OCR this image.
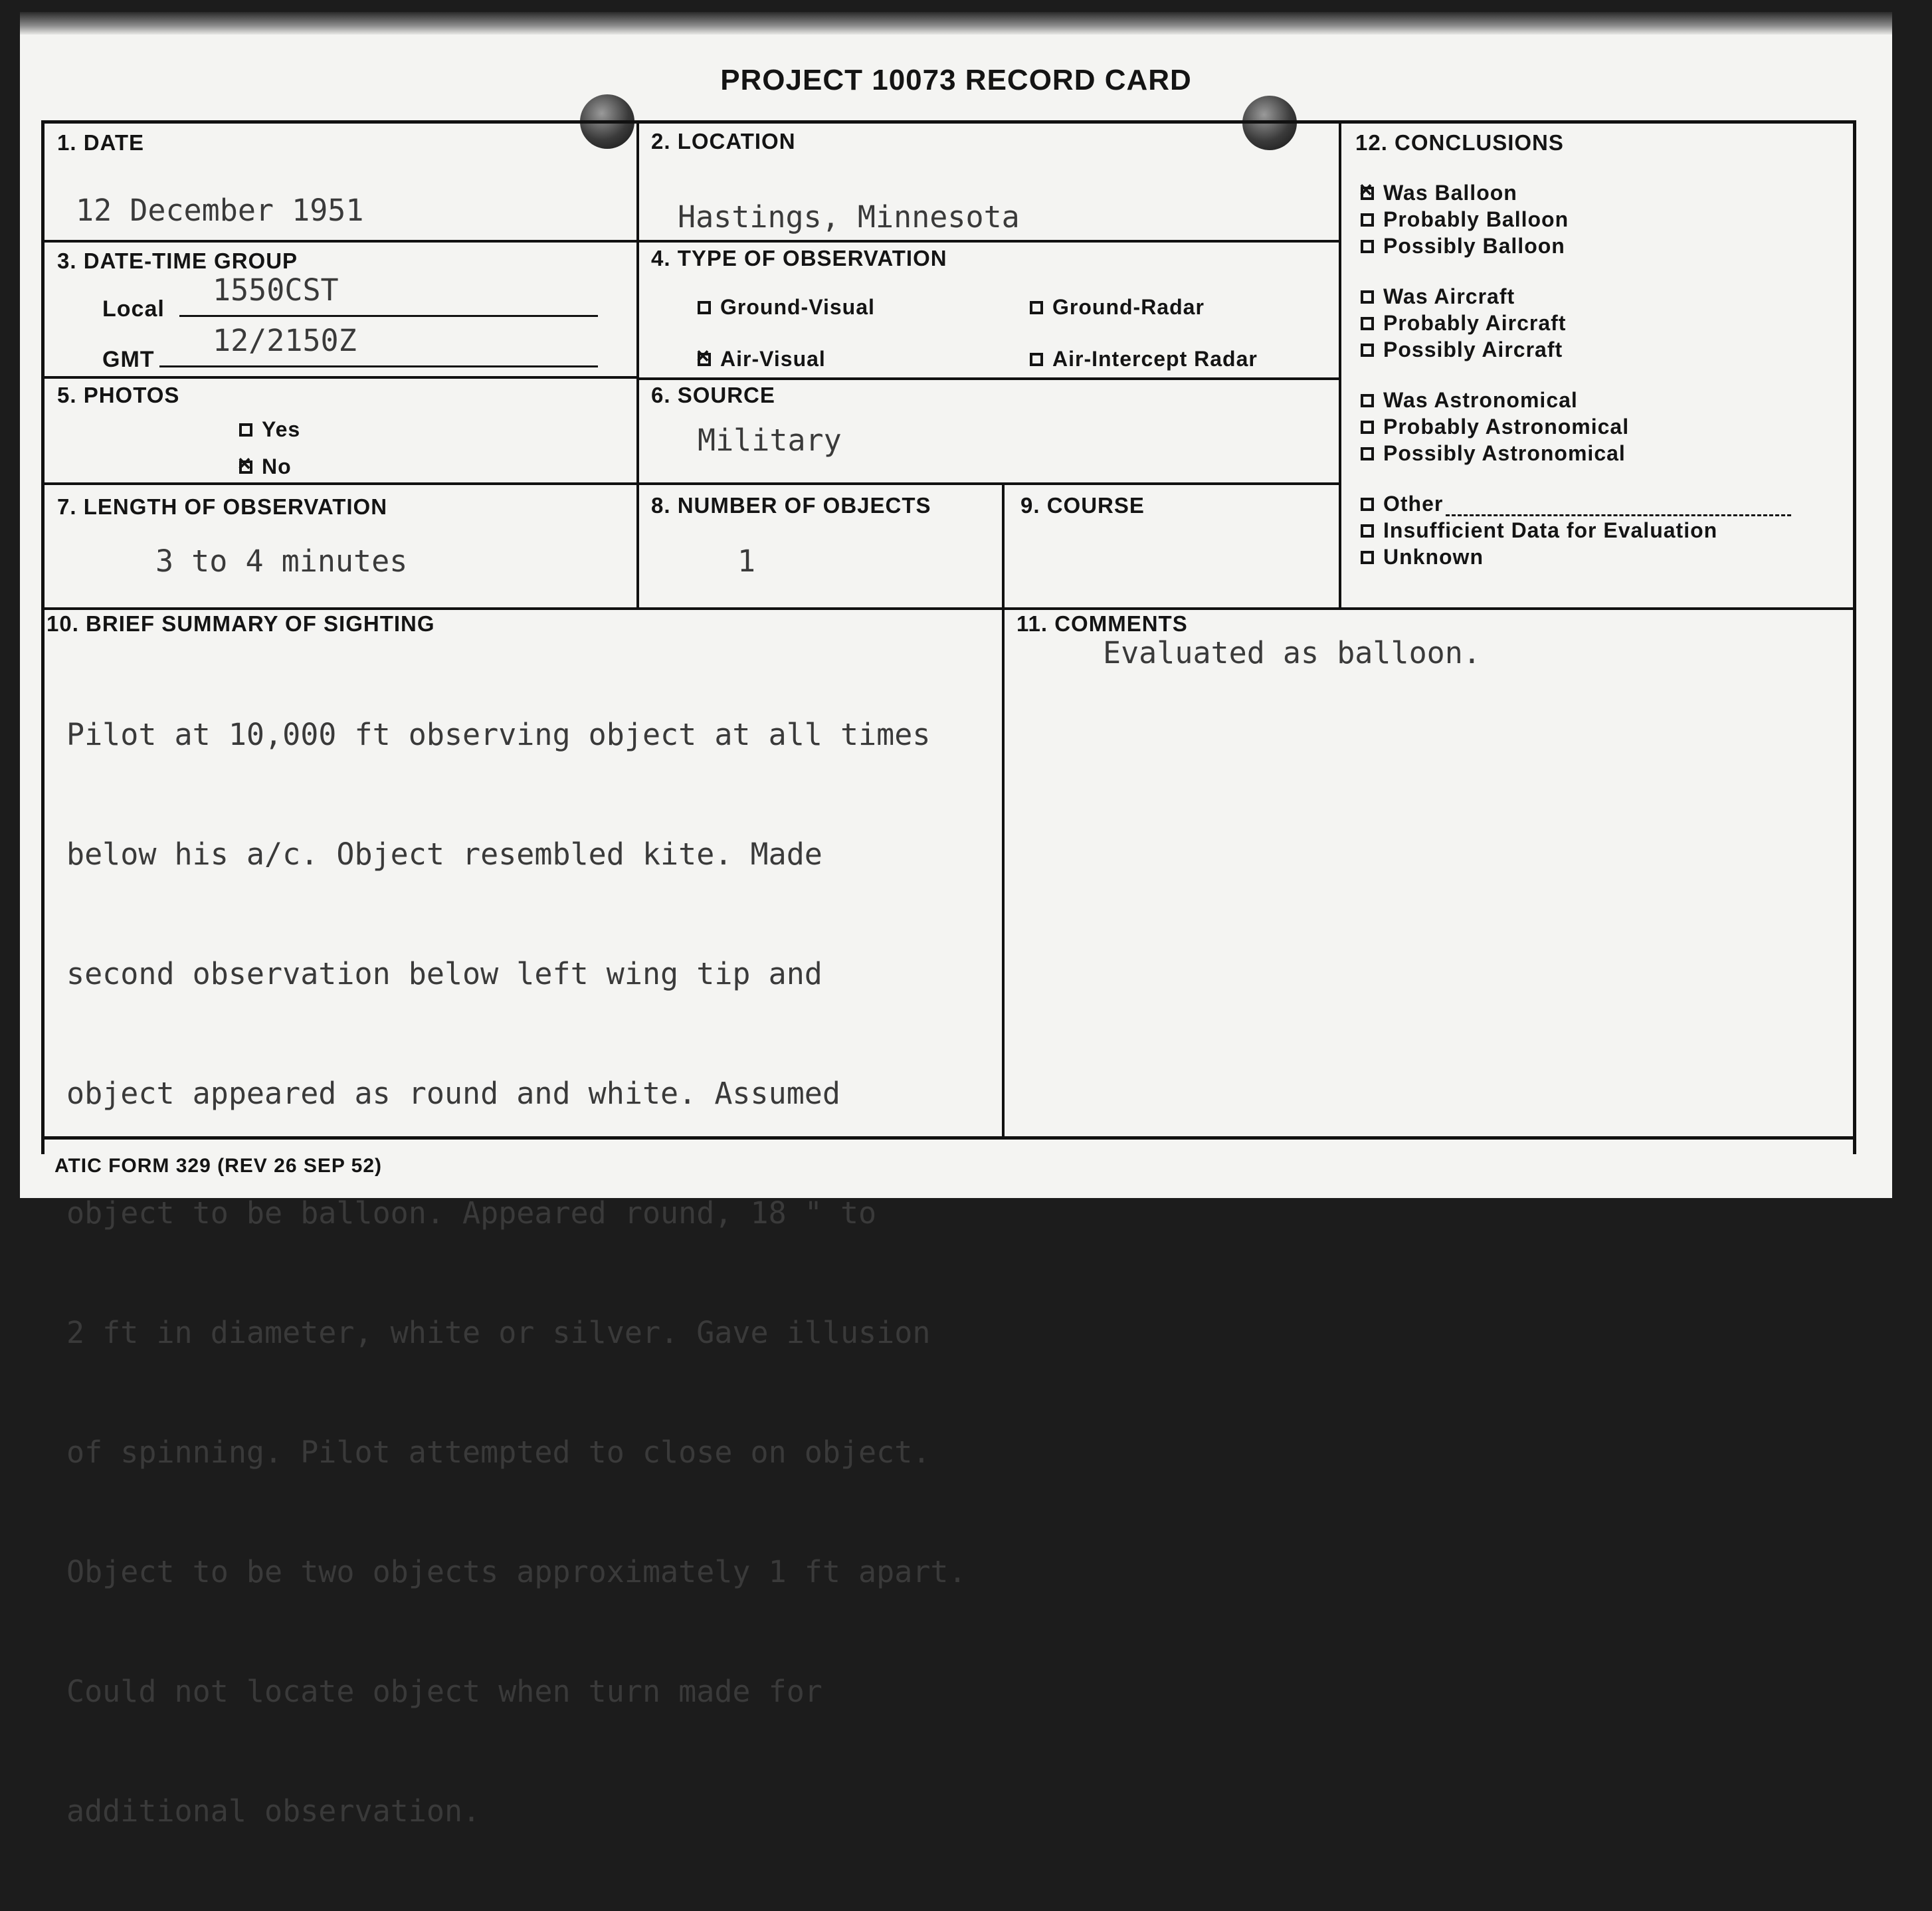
PROJECT 10073 RECORD CARD
1. DATE
12 December 1951
2. LOCATION
Hastings, Minnesota
3. DATE-TIME GROUP
Local
1550CST
GMT
12/2150Z
4. TYPE OF OBSERVATION
Ground-Visual	Ground-Radar
×Air-Visual	Air-Intercept Radar
5. PHOTOS
Yes
×No
6. SOURCE
Military
7. LENGTH OF OBSERVATION
3 to 4 minutes
8. NUMBER OF OBJECTS
1
9. COURSE
10. BRIEF SUMMARY OF SIGHTING

Pilot at 10,000 ft observing object at all times

below his a/c. Object resembled kite. Made

second observation below left wing tip and

object appeared as round and white. Assumed

object to be balloon. Appeared round, 18 " to

2 ft in diameter, white or silver. Gave illusion

of spinning. Pilot attempted to close on object.

Object to be two objects approximately 1 ft apart.

Could not locate object when turn made for

additional observation.

11. COMMENTS
Evaluated as balloon.
12. CONCLUSIONS
×Was Balloon
Probably Balloon
Possibly Balloon
Was Aircraft
Probably Aircraft
Possibly Aircraft
Was Astronomical
Probably Astronomical
Possibly Astronomical
Other
Insufficient Data for Evaluation
Unknown
ATIC FORM 329 (REV 26 SEP 52)
